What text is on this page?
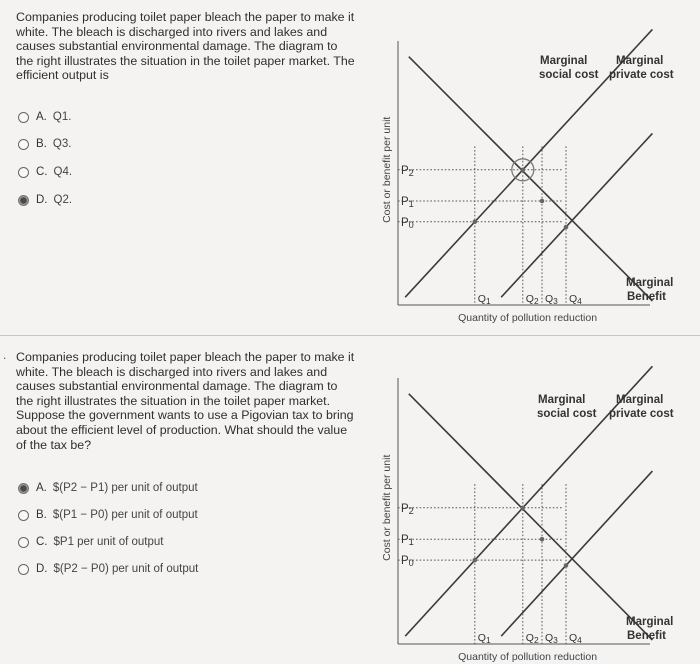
Companies producing toilet paper bleach the paper to make it white. The bleach is discharged into rivers and lakes and causes substantial environmental damage. The diagram to the right illustrates the situation in the toilet paper market. The efficient output is
A. Q1.
B. Q3.
C. Q4.
D. Q2.	Cost or benefit per unit
Quantity of pollution reduction
P2
P1
P0
Q1	Q2 Q3 Q4
Marginal
social cost
Marginal
private cost
Marginal
Benefit
. Companies producing toilet paper bleach the paper to make it white. The bleach is discharged into rivers and lakes and causes substantial environmental damage. The diagram to the right illustrates the situation in the toilet paper market. Suppose the government wants to use a Pigovian tax to bring about the efficient level of production. What should the value of the tax be?
A. $(P2 − P1) per unit of output
B. $(P1 − P0) per unit of output
C. $P1 per unit of output
D. $(P2 − P0) per unit of output
Cost or benefit per unit
Quantity of pollution reduction
P2
P1
P0
Q1	Q2 Q3 Q4
Marginal
social cost
Marginal
private cost
Marginal
Benefit
